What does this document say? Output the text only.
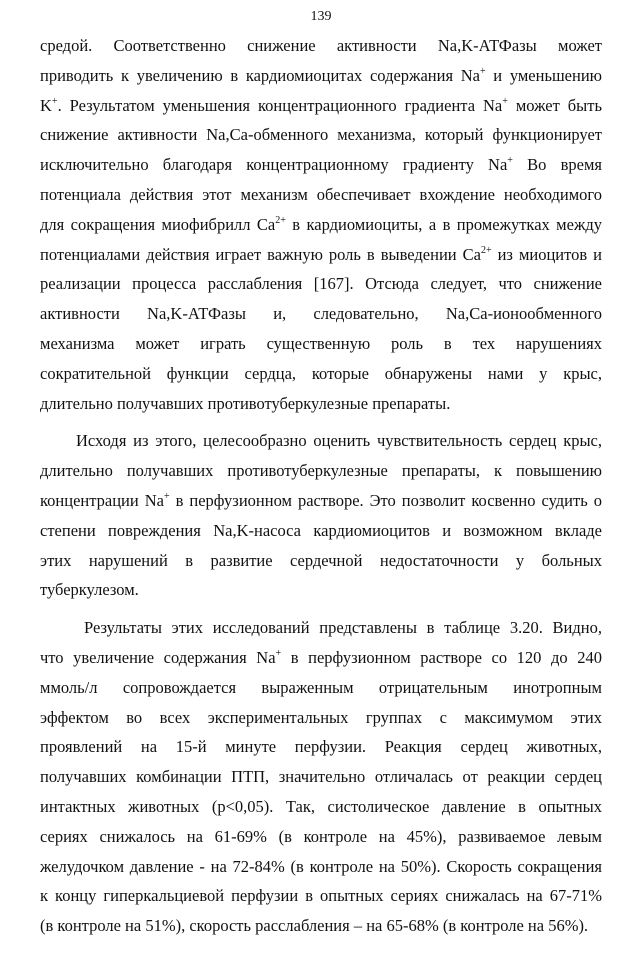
139
средой. Соответственно снижение активности Na,K-АТФазы может
приводить к увеличению в кардиомиоцитах содержания Na+ и уменьшению
K+. Результатом уменьшения концентрационного градиента Na+ может быть
снижение активности Na,Ca-обменного механизма, который функционирует
исключительно благодаря концентрационному градиенту Na+ Во время
потенциала действия этот механизм обеспечивает вхождение необходимого
для сокращения миофибрилл $Ca^{2+}$ в кардиомиоциты, а в промежутках между
потенциалами действия играет важную роль в выведении $Ca^{2+}$ из миоцитов и
реализации процесса расслабления [167]. Отсюда следует, что снижение
активности Na,K-АТФазы и, следовательно, Na,Ca-ионообменного
механизма может играть существенную роль в тех нарушениях
сократительной функции сердца, которые обнаружены нами у крыс,
длительно получавших противотуберкулезные препараты.
Исходя из этого, целесообразно оценить чувствительность сердец крыс,
длительно получавших противотуберкулезные препараты, к повышению
концентрации Na+ в перфузионном растворе. Это позволит косвенно судить о
степени повреждения Na,K-насоса кардиомиоцитов и возможном вкладе
этих нарушений в развитие сердечной недостаточности у больных
туберкулезом.
Результаты этих исследований представлены в таблице 3.20. Видно,
что увеличение содержания Na+ в перфузионном растворе со 120 до 240
ммоль/л сопровождается выраженным отрицательным инотропным
эффектом во всех экспериментальных группах с максимумом этих
проявлений на 15-й минуте перфузии. Реакция сердец животных,
получавших комбинации ПТП, значительно отличалась от реакции сердец
интактных животных (p<0,05). Так, систолическое давление в опытных
сериях снижалось на 61-69% (в контроле на 45%), развиваемое левым
желудочком давление - на 72-84% (в контроле на 50%). Скорость сокращения
к концу гиперкальциевой перфузии в опытных сериях снижалась на 67-71%
(в контроле на 51%), скорость расслабления – на 65-68% (в контроле на 56%).
